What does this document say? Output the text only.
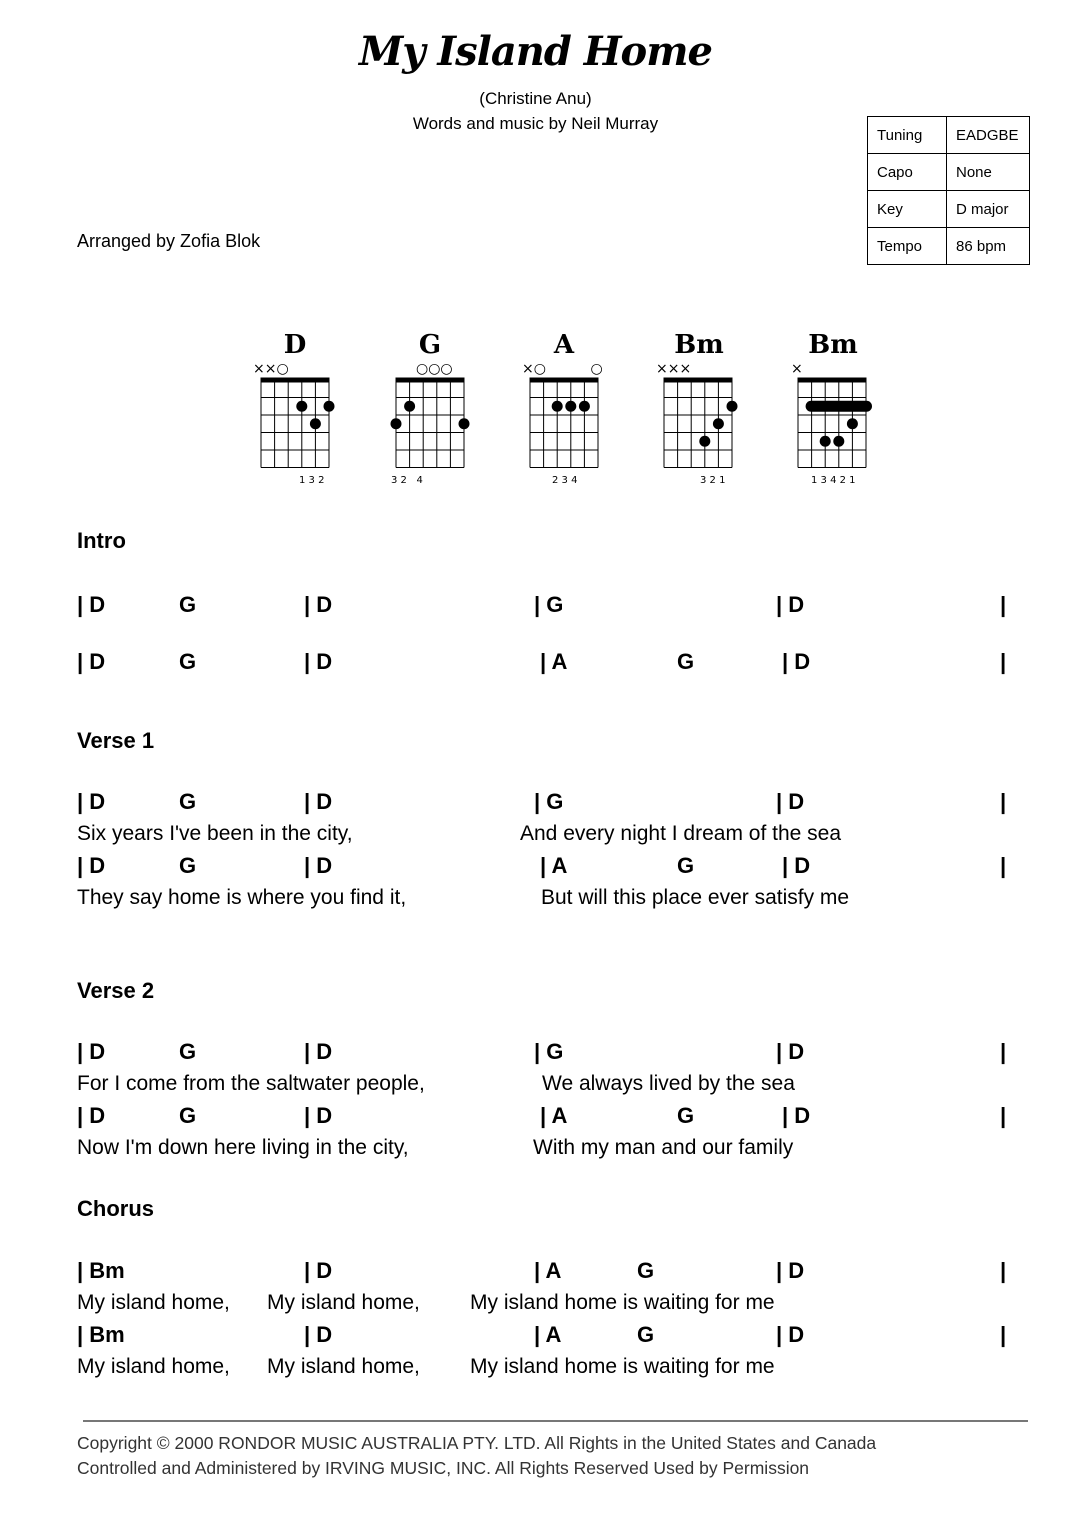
My Island Home
(Christine Anu)
Words and music by Neil Murray
Arranged by Zofia Blok
Tuning	EADGBE
Capo	None
Key	D major
Tempo	86 bpm
D	G	A	Bm	Bm
××○	○○○	×○          ○	×××	×
1 3 2	3 2   4	2 3 4	3 2 1	1 3 4 2 1
Intro
Verse 1
Verse 2
Chorus
| D	G	| D	| G	| D	|
| D	G	| D	| A	G	| D	|
| D	G	| D	| G	| D	|
Six years I've been in the city,	And every night I dream of the sea
| D	G	| D	| A	G	| D	|
They say home is where you find it,	But will this place ever satisfy me
| D	G	| D	| G	| D	|
For I come from the saltwater people,	We always lived by the sea
| D	G	| D	| A	G	| D	|
Now I'm down here living in the city,	With my man and our family
| Bm	| D	| A	G	| D	|
My island home, My island home, My island home is waiting for me
| Bm	| D	| A	G	| D	|
My island home, My island home, My island home is waiting for me
Copyright © 2000 RONDOR MUSIC AUSTRALIA PTY. LTD. All Rights in the United States and Canada
Controlled and Administered by IRVING MUSIC, INC. All Rights Reserved Used by Permission
